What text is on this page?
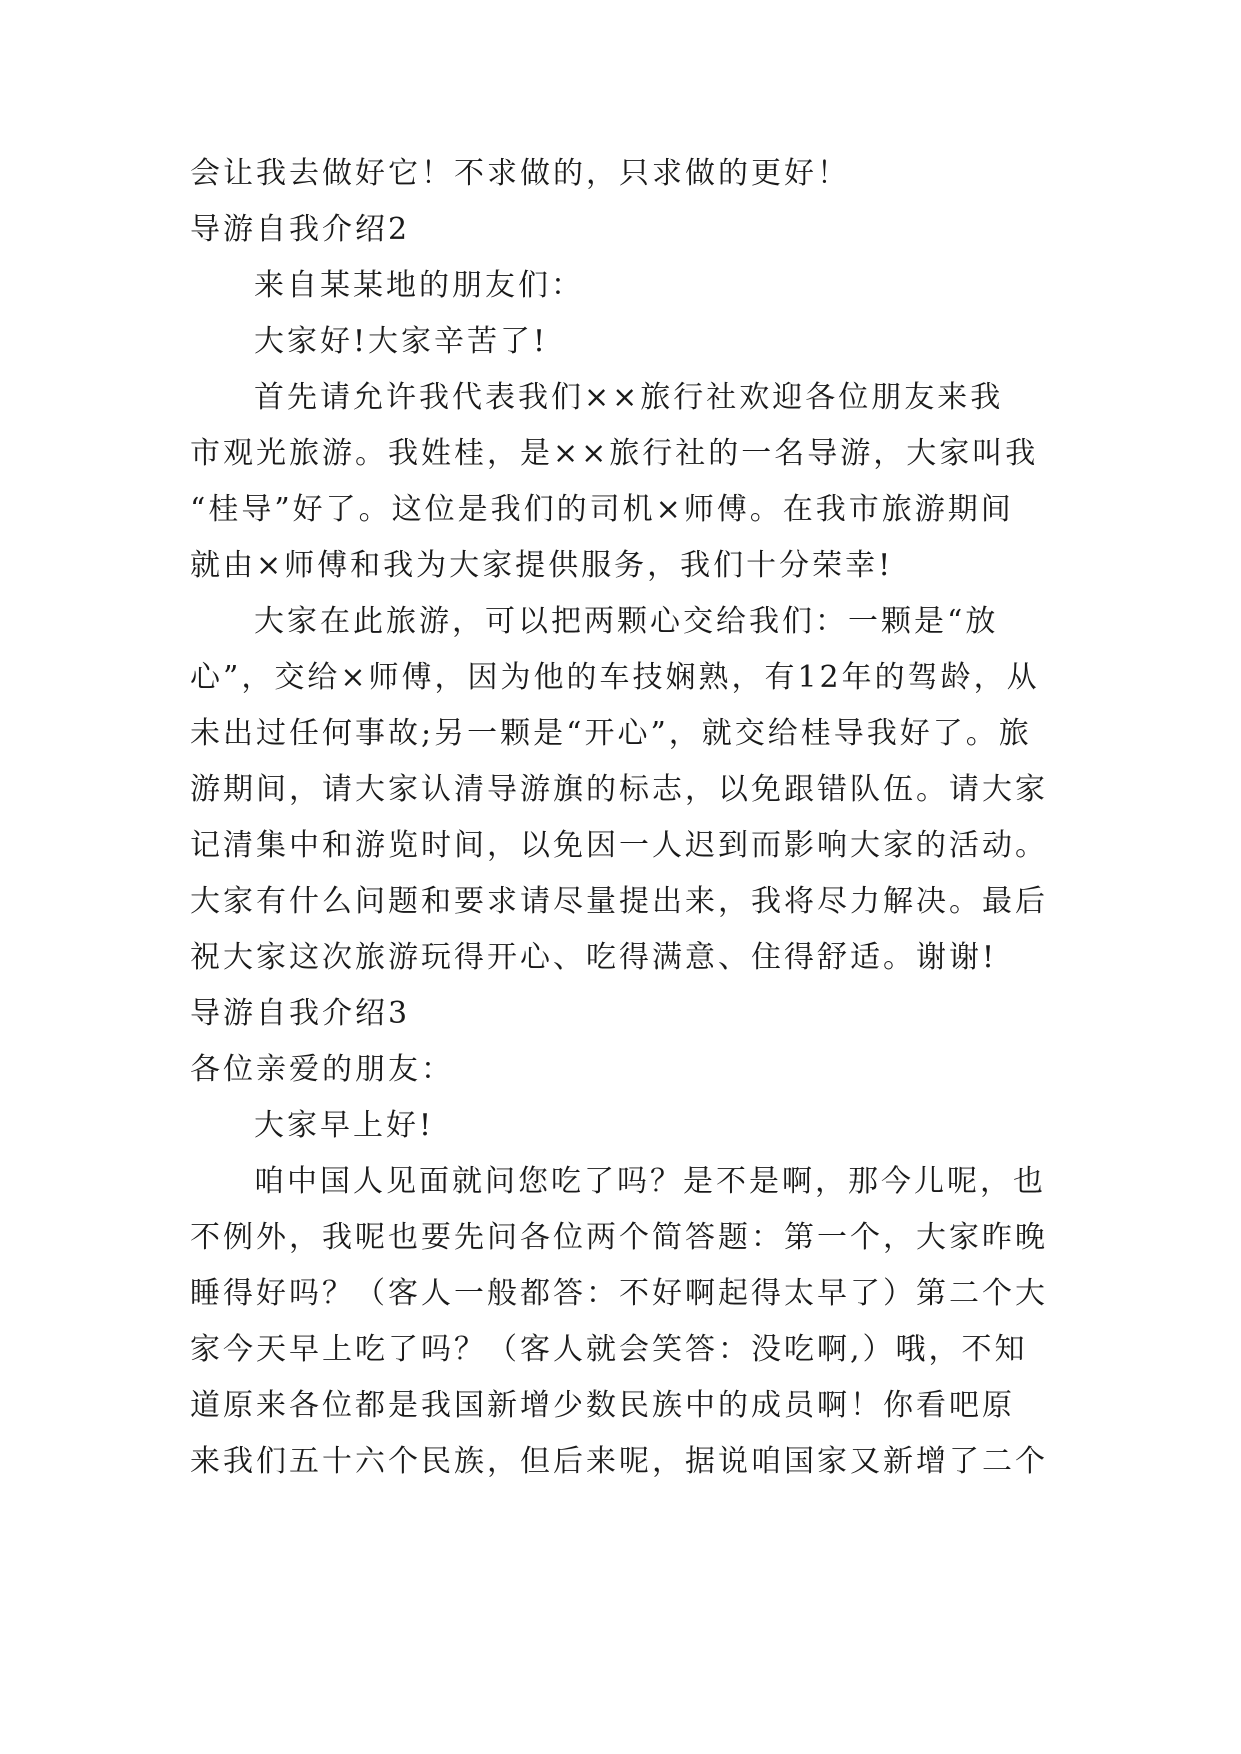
会让我去做好它！不求做的，只求做的更好！
导游自我介绍2
来自某某地的朋友们：
大家好!大家辛苦了!
首先请允许我代表我们××旅行社欢迎各位朋友来我
市观光旅游。我姓桂，是××旅行社的一名导游，大家叫我
“桂导”好了。这位是我们的司机×师傅。在我市旅游期间
就由×师傅和我为大家提供服务，我们十分荣幸!
大家在此旅游，可以把两颗心交给我们：一颗是“放
心”，交给×师傅，因为他的车技娴熟，有12年的驾龄，从
未出过任何事故;另一颗是“开心”，就交给桂导我好了。旅
游期间，请大家认清导游旗的标志，以免跟错队伍。请大家
记清集中和游览时间，以免因一人迟到而影响大家的活动。
大家有什么问题和要求请尽量提出来，我将尽力解决。最后
祝大家这次旅游玩得开心、吃得满意、住得舒适。谢谢!
导游自我介绍3
各位亲爱的朋友：
大家早上好!
咱中国人见面就问您吃了吗？是不是啊，那今儿呢，也
不例外，我呢也要先问各位两个简答题：第一个，大家昨晚
睡得好吗？（客人一般都答：不好啊起得太早了）第二个大
家今天早上吃了吗？（客人就会笑答：没吃啊,）哦，不知
道原来各位都是我国新增少数民族中的成员啊！你看吧原
来我们五十六个民族，但后来呢，据说咱国家又新增了二个
